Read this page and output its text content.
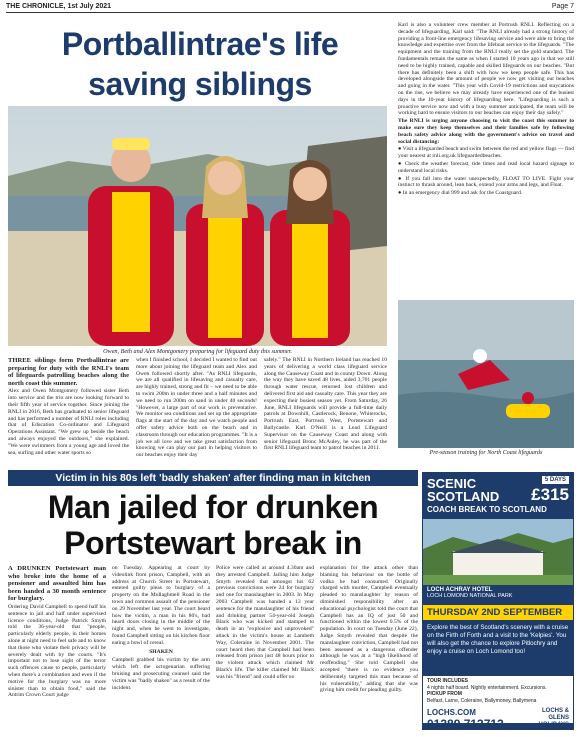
THE CHRONICLE, 1st July 2021	Page 7
Portballintrae's life saving siblings
Owen, Beth and Alex Montgomery preparing for lifeguard duty this summer.

THREE siblings form Portballintrae are preparing for duty with the RNLI's team of lifeguards patrolling beaches along the north coast this summer.

Alex and Owen Montgomery followed sister Beth into service and the trio are now looking forward to their fifth year of service together. Since joining the RNLI in 2016, Beth has graduated to senior lifeguard and has performed a number of RNLI roles including that of Education Co-ordinator and Lifeguard Operations Assistant. "We grew up beside the beach and always enjoyed the outdoors," she explained. "We were swimmers from a young age and loved the sea, surfing and other water sports so

when I finished school, I decided I wanted to find out more about joining the lifeguard team and Alex and Owen followed shortly after. "As RNLI lifeguards, we are all qualified in lifesaving and casualty care, are highly trained, strong and fit – we need to be able to swim 200m in under three and a half minutes and we need to run 200m on sand in under 40 seconds! "However, a large part of our work is preventative. We monitor sea conditions and set up the appropriate flags at the start of the day and we watch people and offer safety advice both on the beach and in classroom through our education programmes. "It is a job we all love and we take great satisfaction from knowing we can play our part in helping visitors to our beaches enjoy their day

safely." The RNLI in Northern Ireland has reached 10 years of delivering a world class lifeguard service along the Causeway Coast and in county Down. Along the way they have saved 48 lives, aided 3,701 people through water rescue, returned lost children and delivered first aid and casualty care. This year they are expecting their busiest season yet. From Saturday, 26 June, RNLI lifeguards will provide a full-time daily patrols at Downhill, Castlerock, Benone, Whiterocks, Portrush East, Portrush West, Portstewart and Ballycastle. Karl O'Neill is a Lead Lifeguard Supervisor on the Causeway Coast and along with senior lifeguard Bronc McAuley, he was part of the first RNLI lifeguard team to patrol beaches in 2011.

Karl is also a volunteer crew member at Portrush RNLI. Reflecting on a decade of lifeguarding, Karl said: "The RNLI already had a strong history of providing a front-line emergency lifesaving service and were able to bring the knowledge and expertise over from the lifeboat service to the lifeguards. "The equipment and the training from the RNLI really set the gold standard. The fundamentals remain the same as when I started 10 years ago in that we still need to be highly trained, capable and skilled lifeguards on our beaches. "But there has definitely been a shift with how we keep people safe. This has developed alongside the amount of people we now get visiting our beaches and going in the water. "This year with Covid-19 restrictions and staycations on the rise, we believe we may already have experienced one of the busiest days in the 10-year history of lifeguarding here. "Lifeguarding is such a proactive service now and with a busy summer anticipated, the team will be working hard to ensure visitors to our beaches can enjoy their day safely."

The RNLI is urging anyone choosing to visit the coast this summer to make sure they keep themselves and their families safe by following beach safety advice along with the government's advice on travel and social distancing:

● Visit a lifeguarded beach and swim between the red and yellow flags — find your nearest at rnli.org.uk lifeguardedbeaches.

● Check the weather forecast, tide times and read local hazard signage to understand local risks.

● If you fall into the water unexpectedly, FLOAT TO LIVE. Fight your instinct to thrash around, lean back, extend your arms and legs, and Float.

● In an emergency dial 999 and ask for the Coastguard.

Pre-season training for North Coast lifeguards
Victim in his 80s left 'badly shaken' after finding man in kitchen
Man jailed for drunken Portstewart break in

A DRUNKEN Portstewart man who broke into the home of a pensioner and assaulted him has been handed a 30 month sentence for burglary.

Ordering David Campbell to spend half his sentence in jail and half under supervised licence conditions, Judge Patrick Smyth told the 36-year-old that "people, particularly elderly people, in their homes alone at night need to feel safe and to know that those who violate their privacy will be severely dealt with by the courts. "It's important not to lose sight of the terror such offences cause to people, particularly when there's a combination and even if the motive for the burglary was no more sinister than to obtain food," said the Antrim Crown Court judge

on Tuesday. Appearing at court by videolink from prison, Campbell, with an address at Church Street in Portstewart, entered guilty pleas to burglary of a property on the Mullaghmell Road in the town and common assault of the pensioner on 29 November last year. The court heard how the victim, a man in his 80's, had heard doors closing in the middle of the night and, when he went to investigate, found Campbell sitting on his kitchen floor eating a bowl of cereal.

SHAKEN

Campbell grabbed his victim by the arm which left the octogenarian suffering bruising and prosecuting counsel said the victim was "badly shaken" as a result of the incident.

Police were called at around 4.30am and they arrested Campbell. Jailing him Judge Smyth revealed that amongst his 62 previous convictions were 24 for burglary and one for manslaughter in 2003. In May 2003 Campbell was handed a 13 year sentence for the manslaughter of his friend and drinking partner 54-year-old Joseph Black who was kicked and stamped to death in an "explosive and unprovoked" attack in the victim's house at Lambeth Way, Coleraine in November 2001. The court heard then that Campbell had been released from prison just 48 hours prior to the violent attack which claimed Mr Black's life. The killer claimed Mr Black was his "friend" and could offer no

explanation for the attack other than blaming his behaviour on the bottle of vodka he had consumed. Originally charged with murder, Campbell eventually pleaded to manslaughter by reason of diminished responsibility after an educational psychologist told the court that Campbell has an IQ of just 50 and functioned within the lowest 0.5% of the population. In court on Tuesday (June 22), Judge Smyth revealed that despite the manslaughter conviction, Campbell had not been assessed as a dangerous offender although he was at a "high likelihood of reoffending." She told Campbell she accepted "there is no evidence you deliberately targeted this man because of his vulnerability," adding that she was giving him credit for pleading guilty.

SCENIC
SCOTLAND
5 DAYS
£315
COACH BREAK TO SCOTLAND
LOCH ACHRAY HOTEL
LOCH LOMOND NATIONAL PARK
THURSDAY 2ND SEPTEMBER
Explore the best of Scotland's scenery with a cruise on the Firth of Forth and a visit to the 'Kelpies'. You will also get the chance to explore Pitlochry and enjoy a cruise on Loch Lomond too!
TOUR INCLUDES
4 nights half board. Nightly entertainment. Excursions.
PICKUP FROM
Belfast, Larne, Coleraine, Ballymoney, Ballymena
LOCHS.COM	LOCHS & GLENS
